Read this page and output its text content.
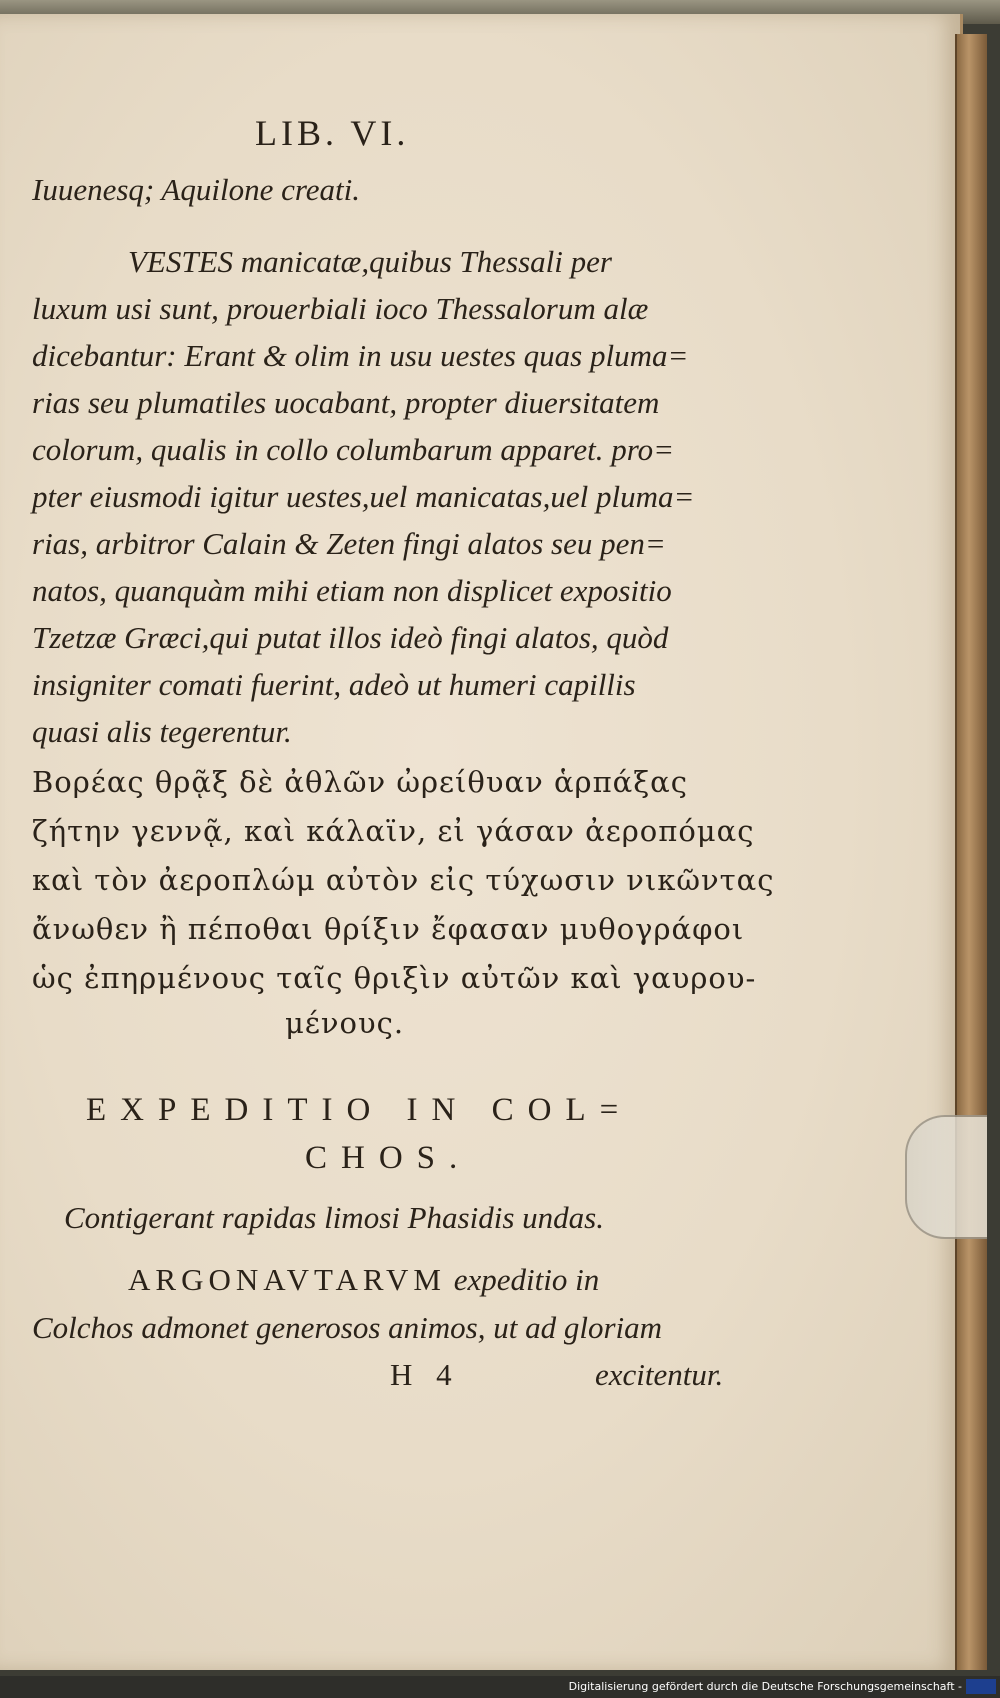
LIB. VI.
Iuuenesq; Aquilone creati.
VESTES manicatæ,quibus Thessali per
luxum usi sunt, prouerbiali ioco Thessalorum alæ
dicebantur: Erant & olim in usu uestes quas pluma=
rias seu plumatiles uocabant, propter diuersitatem
colorum, qualis in collo columbarum apparet. pro=
pter eiusmodi igitur uestes,uel manicatas,uel pluma=
rias, arbitror Calain & Zeten fingi alatos seu pen=
natos, quanquàm mihi etiam non displicet expositio
Tzetzæ Græci,qui putat illos ideò fingi alatos, quòd
insigniter comati fuerint, adeò ut humeri capillis
quasi alis tegerentur.
Βορέας θρᾷξ δὲ ἀθλῶν ὠρείθυαν ἁρπάξας
ζήτην γεννᾷ, καὶ κάλαϊν, εἰ γάσαν ἀεροπόμας
καὶ τὸν ἀεροπλώμ αὐτὸν εἰς τύχωσιν νικῶντας
ἄνωθεν ἢ πέποθαι θρίξιν ἔφασαν μυθογράφοι
ὡς ἐπηρμένους ταῖς θριξὶν αὐτῶν καὶ γαυρου-
μένους.
EXPEDITIO IN COL=
CHOS.
Contigerant rapidas limosi Phasidis undas.
ARGONAVTARVM expeditio in
Colchos admonet generosos animos, ut ad gloriam
H 4	excitentur.
Digitalisierung gefördert durch die Deutsche Forschungsgemeinschaft -
